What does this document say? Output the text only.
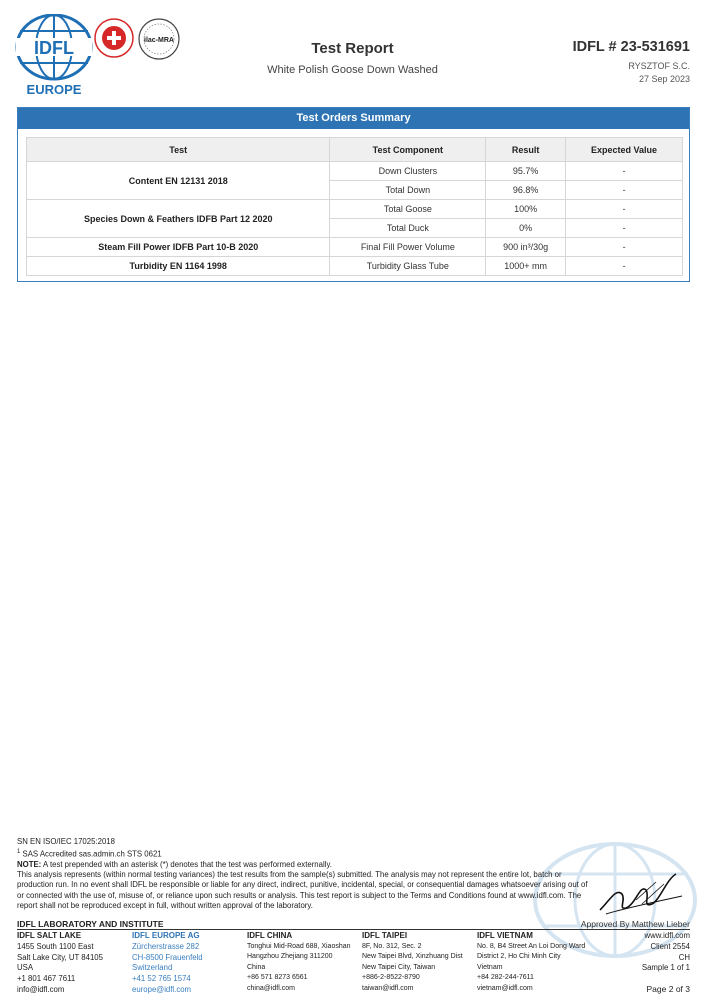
IDFL
EUROPE
ilac-MRA	Test Report
White Polish Goose Down Washed
IDFL # 23-531691
RYSZTOF S.C.
27 Sep 2023
Test Orders Summary
Test	Test Component	Result	Expected Value
Content EN 12131 2018	Down Clusters	95.7%	-
	Total Down	96.8%	-
Species Down & Feathers IDFB Part 12 2020	Total Goose	100%	-
	Total Duck	0%	-
Steam Fill Power IDFB Part 10-B 2020	Final Fill Power Volume	900 in³/30g	-
Turbidity EN 1164 1998	Turbidity Glass Tube	1000+ mm	-
SN EN ISO/IEC 17025:2018
$^1$ SAS Accredited sas.admin.ch STS 0621
NOTE: A test prepended with an asterisk (*) denotes that the test was performed externally.
This analysis represents (within normal testing variances) the test results from the sample(s) submitted. The analysis may not represent the entire lot, batch or production run. In no event shall IDFL be responsible or liable for any direct, indirect, punitive, incidental, special, or consequential damages whatsoever arising out of or connected with the use of, misuse of, or reliance upon such results or analysis. This test report is subject to the Terms and Conditions found at www.idfl.com. The report shall not be reproduced except in full, without written approval of the laboratory.
IDFL LABORATORY AND INSTITUTE	Approved By Matthew Lieber
IDFL SALT LAKE
1455 South 1100 East
Salt Lake City, UT 84105
USA
+1 801 467 7611
info@idfl.com
IDFL EUROPE AG
Zürcherstrasse 282
CH-8500 Frauenfeld
Switzerland
+41 52 765 1574
europe@idfl.com
IDFL CHINA
Tonghui Mid-Road 688, Xiaoshan
Hangzhou Zhejiang 311200
China
+86 571 8273 6561
china@idfl.com
IDFL TAIPEI
8F, No. 312, Sec. 2
New Taipei Blvd, Xinzhuang Dist
New Taipei City, Taiwan
+886-2-8522-8790
taiwan@idfl.com
IDFL VIETNAM
No. 8, B4 Street An Loi Dong Ward
District 2, Ho Chi Minh City
Vietnam
+84 282-244-7611
vietnam@idfl.com
www.idfl.com
Client 2554
CH
Sample 1 of 1
Page 2 of 3
